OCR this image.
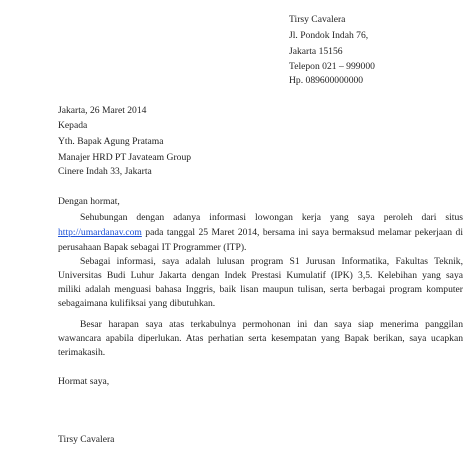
Tirsy Cavalera
Jl. Pondok Indah 76,
Jakarta 15156
Telepon 021 – 999000
Hp. 089600000000
Jakarta, 26 Maret 2014
Kepada
Yth. Bapak Agung Pratama
Manajer HRD PT Javateam Group
Cinere Indah 33, Jakarta
Dengan hormat,
Sehubungan dengan adanya informasi lowongan kerja yang saya peroleh dari situs
http://umardanav.com pada tanggal 25 Maret 2014, bersama ini saya bermaksud melamar pekerjaan di
perusahaan Bapak sebagai IT Programmer (ITP).
Sebagai informasi, saya adalah lulusan program S1 Jurusan Informatika, Fakultas Teknik,
Universitas Budi Luhur Jakarta dengan Indek Prestasi Kumulatif (IPK) 3,5. Kelebihan yang saya
miliki adalah menguasi bahasa Inggris, baik lisan maupun tulisan, serta berbagai program komputer
sebagaimana kulifiksai yang dibutuhkan.
Besar harapan saya atas terkabulnya permohonan ini dan saya siap menerima panggilan
wawancara apabila diperlukan. Atas perhatian serta kesempatan yang Bapak berikan, saya ucapkan
terimakasih.
Hormat saya,
Tirsy Cavalera
